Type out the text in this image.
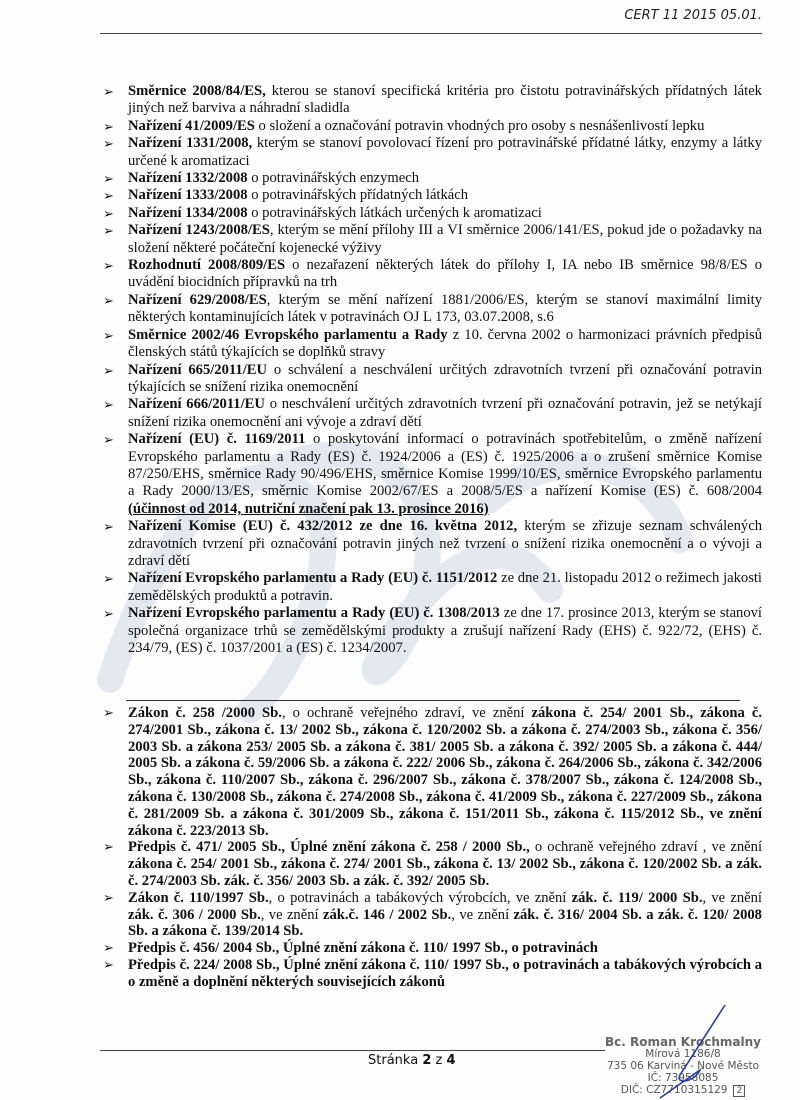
CERT 11 2015 05.01.
➢ Směrnice 2008/84/ES, kterou se stanoví specifická kritéria pro čistotu potravinářských přídatných látek jiných než barviva a náhradní sladidla
➢ Nařízení 41/2009/ES o složení a označování potravin vhodných pro osoby s nesnášenlivostí lepku
➢ Nařízení 1331/2008, kterým se stanoví povolovací řízení pro potravinářské přídatné látky, enzymy a látky určené k aromatizaci
➢ Nařízení 1332/2008 o potravinářských enzymech
➢ Nařízení 1333/2008 o potravinářských přídatných látkách
➢ Nařízení 1334/2008 o potravinářských látkách určených k aromatizaci
➢ Nařízení 1243/2008/ES, kterým se mění přílohy III a VI směrnice 2006/141/ES, pokud jde o požadavky na složení některé počáteční kojenecké výživy
➢ Rozhodnutí 2008/809/ES o nezařazení některých látek do přílohy I, IA nebo IB směrnice 98/8/ES o uvádění biocidních přípravků na trh
➢ Nařízení 629/2008/ES, kterým se mění nařízení 1881/2006/ES, kterým se stanoví maximální limity některých kontaminujících látek v potravinách OJ L 173, 03.07.2008, s.6
➢ Směrnice 2002/46 Evropského parlamentu a Rady z 10. června 2002 o harmonizaci právních předpisů členských států týkajících se doplňků stravy
➢ Nařízení 665/2011/EU o schválení a neschválení určitých zdravotních tvrzení při označování potravin týkajících se snížení rizika onemocnění
➢ Nařízení 666/2011/EU o neschválení určitých zdravotních tvrzení při označování potravin, jež se netýkají snížení rizika onemocnění ani vývoje a zdraví dětí
➢ Nařízení (EU) č. 1169/2011 o poskytování informací o potravinách spotřebitelům, o změně nařízení Evropského parlamentu a Rady (ES) č. 1924/2006 a (ES) č. 1925/2006 a o zrušení směrnice Komise 87/250/EHS, směrnice Rady 90/496/EHS, směrnice Komise 1999/10/ES, směrnice Evropského parlamentu a Rady 2000/13/ES, směrnic Komise 2002/67/ES a 2008/5/ES a nařízení Komise (ES) č. 608/2004 (účinnost od 2014, nutriční značení pak 13. prosince 2016)
➢ Nařízení Komise (EU) č. 432/2012 ze dne 16. května 2012, kterým se zřizuje seznam schválených zdravotních tvrzení při označování potravin jiných než tvrzení o snížení rizika onemocnění a o vývoji a zdraví dětí
➢ Nařízení Evropského parlamentu a Rady (EU) č. 1151/2012 ze dne 21. listopadu 2012 o režimech jakosti zemědělských produktů a potravin.
➢ Nařízení Evropského parlamentu a Rady (EU) č. 1308/2013 ze dne 17. prosince 2013, kterým se stanoví společná organizace trhů se zemědělskými produkty a zrušují nařízení Rady (EHS) č. 922/72, (EHS) č. 234/79, (ES) č. 1037/2001 a (ES) č. 1234/2007.
➢ Zákon č. 258 /2000 Sb., o ochraně veřejného zdraví, ve znění zákona č. 254/ 2001 Sb., zákona č. 274/2001 Sb., zákona č. 13/ 2002 Sb., zákona č. 120/2002 Sb. a zákona č. 274/2003 Sb., zákona č. 356/ 2003 Sb. a zákona 253/ 2005 Sb. a zákona č. 381/ 2005 Sb. a zákona č. 392/ 2005 Sb. a zákona č. 444/ 2005 Sb. a zákona č. 59/2006 Sb. a zákona č. 222/ 2006 Sb., zákona č. 264/2006 Sb., zákona č. 342/2006 Sb., zákona č. 110/2007 Sb., zákona č. 296/2007 Sb., zákona č. 378/2007 Sb., zákona č. 124/2008 Sb., zákona č. 130/2008 Sb., zákona č. 274/2008 Sb., zákona č. 41/2009 Sb., zákona č. 227/2009 Sb., zákona č. 281/2009 Sb. a zákona č. 301/2009 Sb., zákona č. 151/2011 Sb., zákona č. 115/2012 Sb., ve znění zákona č. 223/2013 Sb.
➢ Předpis č. 471/ 2005 Sb., Úplné znění zákona č. 258 / 2000 Sb., o ochraně veřejného zdraví , ve znění zákona č. 254/ 2001 Sb., zákona č. 274/ 2001 Sb., zákona č. 13/ 2002 Sb., zákona č. 120/2002 Sb. a zák. č. 274/2003 Sb. zák. č. 356/ 2003 Sb. a zák. č. 392/ 2005 Sb.
➢ Zákon č. 110/1997 Sb., o potravinách a tabákových výrobcích, ve znění zák. č. 119/ 2000 Sb., ve znění zák. č. 306 / 2000 Sb., ve znění zák.č. 146 / 2002 Sb., ve znění zák. č. 316/ 2004 Sb. a zák. č. 120/ 2008 Sb. a zákona č. 139/2014 Sb.
➢ Předpis č. 456/ 2004 Sb., Úplné znění zákona č. 110/ 1997 Sb., o potravinách
➢ Předpis č. 224/ 2008 Sb., Úplné znění zákona č. 110/ 1997 Sb., o potravinách a tabákových výrobcích a o změně a doplnění některých souvisejících zákonů
Stránka 2 z 4
Bc. Roman Krochmalny
Mírová 1186/8
735 06 Karviná - Nové Město
IČ: 73958085
DIČ: CZ7710315129 2
